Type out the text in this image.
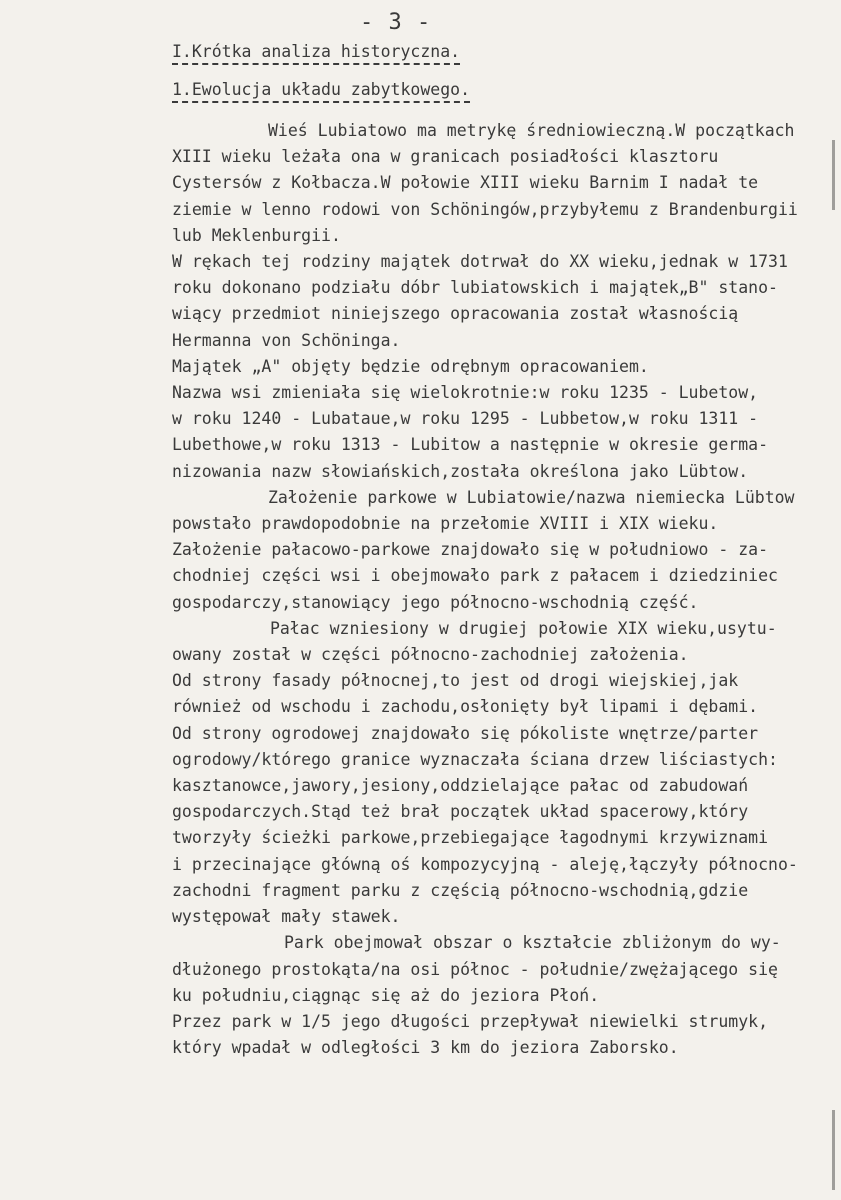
- 3 -
I.Krótka analiza historyczna.
1.Ewolucja układu zabytkowego.
Wieś Lubiatowo ma metrykę średniowieczną.W początkach
XIII wieku leżała ona w granicach posiadłości klasztoru
Cystersów z Kołbacza.W połowie XIII wieku Barnim I nadał te
ziemie w lenno rodowi von Schöningów,przybyłemu z Brandenburgii
lub Meklenburgii.
W rękach tej rodziny majątek dotrwał do XX wieku,jednak w 1731
roku dokonano podziału dóbr lubiatowskich i majątek„B" stano-
wiący przedmiot niniejszego opracowania został własnością
Hermanna von Schöninga.
Majątek „A" objęty będzie odrębnym opracowaniem.
Nazwa wsi zmieniała się wielokrotnie:w roku 1235 - Lubetow,
w roku 1240 - Lubataue,w roku 1295 - Lubbetow,w roku 1311 -
Lubethowe,w roku 1313 - Lubitow a następnie w okresie germa-
nizowania nazw słowiańskich,została określona jako Lübtow.
Założenie parkowe w Lubiatowie/nazwa niemiecka Lübtow
powstało prawdopodobnie na przełomie XVIII i XIX wieku.
Założenie pałacowo-parkowe znajdowało się w południowo - za-
chodniej części wsi i obejmowało park z pałacem i dziedziniec
gospodarczy,stanowiący jego północno-wschodnią część.
Pałac wzniesiony w drugiej połowie XIX wieku,usytu-
owany został w części północno-zachodniej założenia.
Od strony fasady północnej,to jest od drogi wiejskiej,jak
również od wschodu i zachodu,osłonięty był lipami i dębami.
Od strony ogrodowej znajdowało się pókoliste wnętrze/parter
ogrodowy/którego granice wyznaczała ściana drzew liściastych:
kasztanowce,jawory,jesiony,oddzielające pałac od zabudowań
gospodarczych.Stąd też brał początek układ spacerowy,który
tworzyły ścieżki parkowe,przebiegające łagodnymi krzywiznami
i przecinające główną oś kompozycyjną - aleję,łączyły północno-
zachodni fragment parku z częścią północno-wschodnią,gdzie
występował mały stawek.
Park obejmował obszar o kształcie zbliżonym do wy-
dłużonego prostokąta/na osi północ - południe/zwężającego się
ku południu,ciągnąc się aż do jeziora Płoń.
Przez park w 1/5 jego długości przepływał niewielki strumyk,
który wpadał w odległości 3 km do jeziora Zaborsko.
